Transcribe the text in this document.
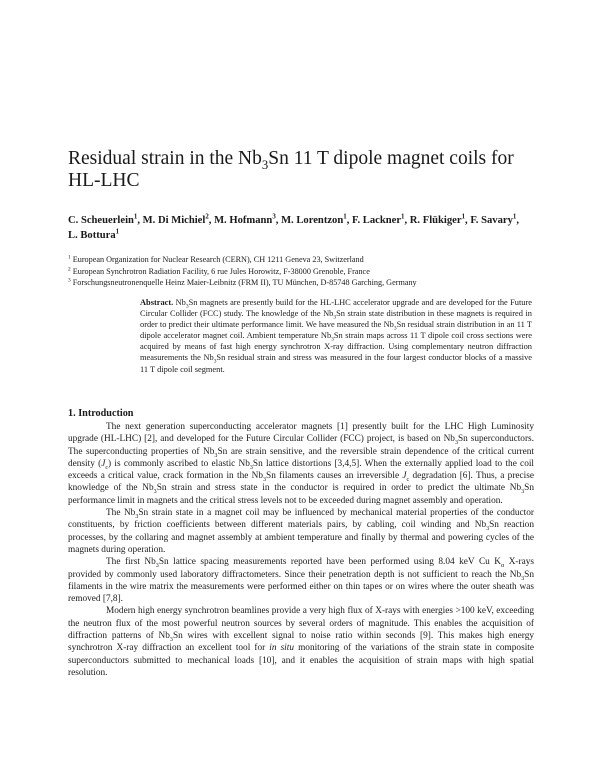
Residual strain in the $Nb_3Sn$ 11 T dipole magnet coils for
HL-LHC

C. Scheuerlein$^1$, M. Di Michiel$^2$, M. Hofmann$^3$, M. Lorentzon$^1$, F. Lackner$^1$, R. Flükiger$^1$, F. Savary$^1$,
L. Bottura$^1$

$^1$ European Organization for Nuclear Research (CERN), CH 1211 Geneva 23, Switzerland
$^2$ European Synchrotron Radiation Facility, 6 rue Jules Horowitz, F-38000 Grenoble, France
$^3$ Forschungsneutronenquelle Heinz Maier-Leibnitz (FRM II), TU München, D-85748 Garching, Germany

Abstract. $Nb_3Sn$ magnets are presently build for the HL-LHC accelerator upgrade and are developed for the Future Circular Collider (FCC) study. The knowledge of the $Nb_3Sn$ strain state distribution in these magnets is required in order to predict their ultimate performance limit. We have measured the $Nb_3Sn$ residual strain distribution in an 11 T dipole accelerator magnet coil. Ambient temperature $Nb_3Sn$ strain maps across 11 T dipole coil cross sections were acquired by means of fast high energy synchrotron X-ray diffraction. Using complementary neutron diffraction measurements the $Nb_3Sn$ residual strain and stress was measured in the four largest conductor blocks of a massive 11 T dipole coil segment.

1. Introduction

The next generation superconducting accelerator magnets [1] presently built for the LHC High Luminosity upgrade (HL-LHC) [2], and developed for the Future Circular Collider (FCC) project, is based on $Nb_3Sn$ superconductors. The superconducting properties of $Nb_3Sn$ are strain sensitive, and the reversible strain dependence of the critical current density $(J_c)$ is commonly ascribed to elastic $Nb_3Sn$ lattice distortions [3,4,5]. When the externally applied load to the coil exceeds a critical value, crack formation in the $Nb_3Sn$ filaments causes an irreversible $J_c$ degradation [6]. Thus, a precise knowledge of the $Nb_3Sn$ strain and stress state in the conductor is required in order to predict the ultimate $Nb_3Sn$ performance limit in magnets and the critical stress levels not to be exceeded during magnet assembly and operation.

The $Nb_3Sn$ strain state in a magnet coil may be influenced by mechanical material properties of the conductor constituents, by friction coefficients between different materials pairs, by cabling, coil winding and $Nb_3Sn$ reaction processes, by the collaring and magnet assembly at ambient temperature and finally by thermal and powering cycles of the magnets during operation.

The first $Nb_3Sn$ lattice spacing measurements reported have been performed using 8.04 keV Cu $K_\alpha$ X-rays provided by commonly used laboratory diffractometers. Since their penetration depth is not sufficient to reach the $Nb_3Sn$ filaments in the wire matrix the measurements were performed either on thin tapes or on wires where the outer sheath was removed [7,8].

Modern high energy synchrotron beamlines provide a very high flux of X-rays with energies >100 keV, exceeding the neutron flux of the most powerful neutron sources by several orders of magnitude. This enables the acquisition of diffraction patterns of $Nb_3Sn$ wires with excellent signal to noise ratio within seconds [9]. This makes high energy synchrotron X-ray diffraction an excellent tool for in situ monitoring of the variations of the strain state in composite superconductors submitted to mechanical loads [10], and it enables the acquisition of strain maps with high spatial resolution.
